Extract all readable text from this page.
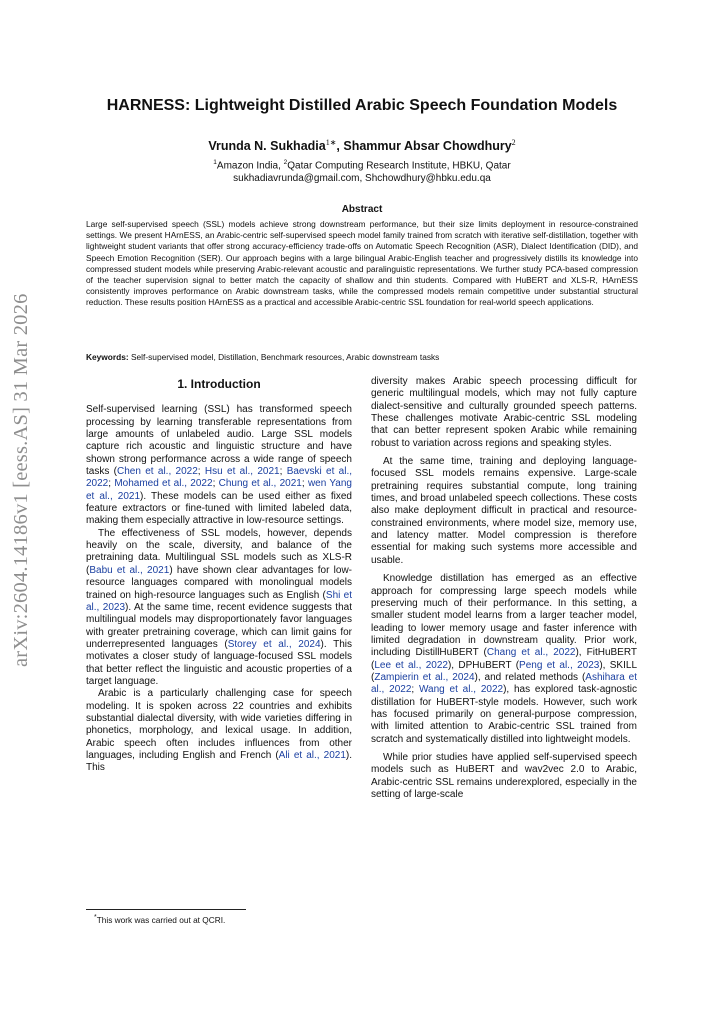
arXiv:2604.14186v1 [eess.AS] 31 Mar 2026
HARNESS: Lightweight Distilled Arabic Speech Foundation Models
Vrunda N. Sukhadia$^{1∗}$, Shammur Absar Chowdhury$^2$
$^1$Amazon India, $^2$Qatar Computing Research Institute, HBKU, Qatar
sukhadiavrunda@gmail.com, Shchowdhury@hbku.edu.qa
Abstract
Large self-supervised speech (SSL) models achieve strong downstream performance, but their size limits deployment in resource-constrained settings. We present HArnESS, an Arabic-centric self-supervised speech model family trained from scratch with iterative self-distillation, together with lightweight student variants that offer strong accuracy-efficiency trade-offs on Automatic Speech Recognition (ASR), Dialect Identification (DID), and Speech Emotion Recognition (SER). Our approach begins with a large bilingual Arabic-English teacher and progressively distills its knowledge into compressed student models while preserving Arabic-relevant acoustic and paralinguistic representations. We further study PCA-based compression of the teacher supervision signal to better match the capacity of shallow and thin students. Compared with HuBERT and XLS-R, HArnESS consistently improves performance on Arabic downstream tasks, while the compressed models remain competitive under substantial structural reduction. These results position HArnESS as a practical and accessible Arabic-centric SSL foundation for real-world speech applications.
Keywords: Self-supervised model, Distillation, Benchmark resources, Arabic downstream tasks
1. Introduction

Self-supervised learning (SSL) has transformed speech processing by learning transferable representations from large amounts of unlabeled audio. Large SSL models capture rich acoustic and linguistic structure and have shown strong performance across a wide range of speech tasks (Chen et al., 2022; Hsu et al., 2021; Baevski et al., 2022; Mohamed et al., 2022; Chung et al., 2021; wen Yang et al., 2021). These models can be used either as fixed feature extractors or fine-tuned with limited labeled data, making them especially attractive in low-resource settings.

The effectiveness of SSL models, however, depends heavily on the scale, diversity, and balance of the pretraining data. Multilingual SSL models such as XLS-R (Babu et al., 2021) have shown clear advantages for low-resource languages compared with monolingual models trained on high-resource languages such as English (Shi et al., 2023). At the same time, recent evidence suggests that multilingual models may disproportionately favor languages with greater pretraining coverage, which can limit gains for underrepresented languages (Storey et al., 2024). This motivates a closer study of language-focused SSL models that better reflect the linguistic and acoustic properties of a target language.

Arabic is a particularly challenging case for speech modeling. It is spoken across 22 countries and exhibits substantial dialectal diversity, with wide varieties differing in phonetics, morphology, and lexical usage. In addition, Arabic speech often includes influences from other languages, including English and French (Ali et al., 2021). This

diversity makes Arabic speech processing difficult for generic multilingual models, which may not fully capture dialect-sensitive and culturally grounded speech patterns. These challenges motivate Arabic-centric SSL modeling that can better represent spoken Arabic while remaining robust to variation across regions and speaking styles.

At the same time, training and deploying language-focused SSL models remains expensive. Large-scale pretraining requires substantial compute, long training times, and broad unlabeled speech collections. These costs also make deployment difficult in practical and resource-constrained environments, where model size, memory use, and latency matter. Model compression is therefore essential for making such systems more accessible and usable.

Knowledge distillation has emerged as an effective approach for compressing large speech models while preserving much of their performance. In this setting, a smaller student model learns from a larger teacher model, leading to lower memory usage and faster inference with limited degradation in downstream quality. Prior work, including DistillHuBERT (Chang et al., 2022), FitHuBERT (Lee et al., 2022), DPHuBERT (Peng et al., 2023), SKILL (Zampierin et al., 2024), and related methods (Ashihara et al., 2022; Wang et al., 2022), has explored task-agnostic distillation for HuBERT-style models. However, such work has focused primarily on general-purpose compression, with limited attention to Arabic-centric SSL trained from scratch and systematically distilled into lightweight models.

While prior studies have applied self-supervised speech models such as HuBERT and wav2vec 2.0 to Arabic, Arabic-centric SSL remains underexplored, especially in the setting of large-scale

*This work was carried out at QCRI.
